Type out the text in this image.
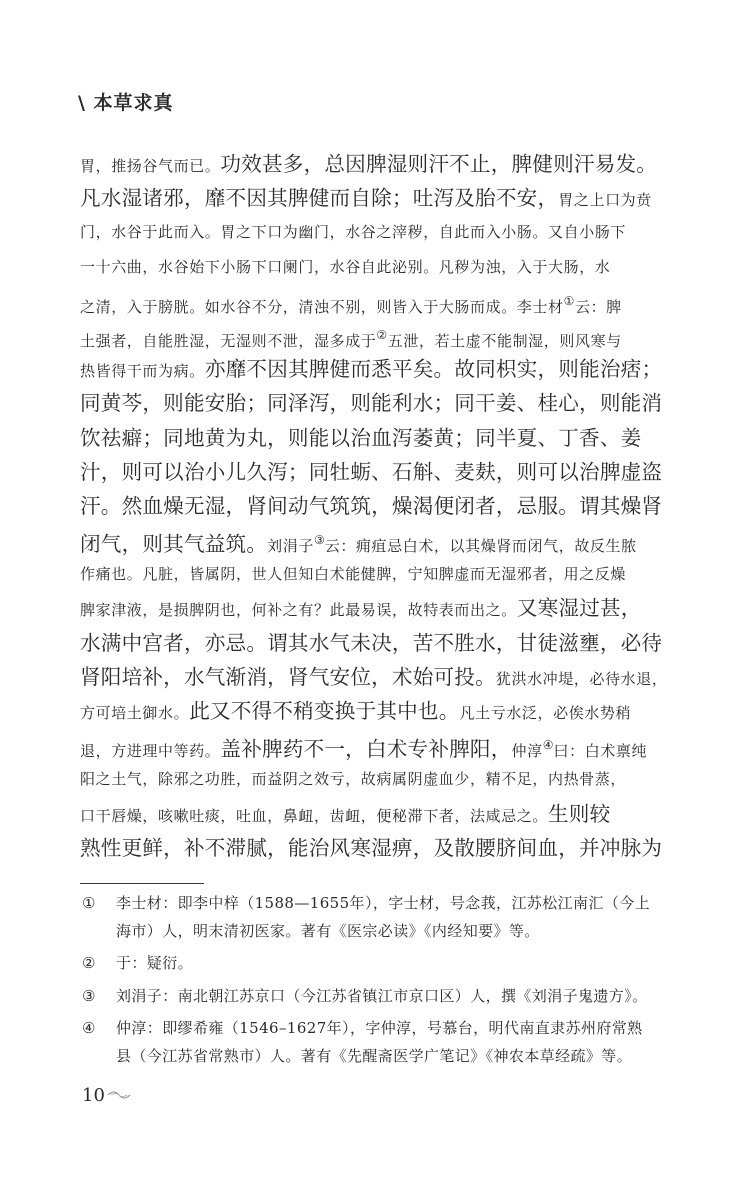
\ 本草求真
胃，推扬谷气而已。功效甚多，总因脾湿则汗不止，脾健则汗易发。
凡水湿诸邪，靡不因其脾健而自除；吐泻及胎不安，胃之上口为贲
门，水谷于此而入。胃之下口为幽门，水谷之滓秽，自此而入小肠。又自小肠下
一十六曲，水谷始下小肠下口阑门，水谷自此泌别。凡秽为浊，入于大肠，水
之清，入于膀胱。如水谷不分，清浊不别，则皆入于大肠而成。李士材①云：脾
土强者，自能胜湿，无湿则不泄，湿多成于②五泄，若土虚不能制湿，则风寒与
热皆得干而为病。亦靡不因其脾健而悉平矣。故同枳实，则能治痞；
同黄芩，则能安胎；同泽泻，则能利水；同干姜、桂心，则能消
饮祛癖；同地黄为丸，则能以治血泻萎黄；同半夏、丁香、姜
汁，则可以治小儿久泻；同牡蛎、石斛、麦麸，则可以治脾虚盗
汗。然血燥无湿，肾间动气筑筑，燥渴便闭者，忌服。谓其燥肾
闭气，则其气益筑。刘涓子③云：痈疽忌白术，以其燥肾而闭气，故反生脓
作痛也。凡脏，皆属阴，世人但知白术能健脾，宁知脾虚而无湿邪者，用之反燥
脾家津液，是损脾阴也，何补之有？此最易误，故特表而出之。又寒湿过甚，
水满中宫者，亦忌。谓其水气未决，苦不胜水，甘徒滋壅，必待
肾阳培补，水气渐消，肾气安位，术始可投。犹洪水冲堤，必待水退，
方可培土御水。此又不得不稍变换于其中也。凡土亏水泛，必俟水势稍
退，方进理中等药。盖补脾药不一，白术专补脾阳，仲淳④曰：白术禀纯
阳之土气，除邪之功胜，而益阴之效亏，故病属阴虚血少，精不足，内热骨蒸，
口干唇燥，咳嗽吐痰，吐血，鼻衄，齿衄，便秘滞下者，法咸忌之。生则较
熟性更鲜，补不滞腻，能治风寒湿痹，及散腰脐间血，并冲脉为
①	李士材：即李中梓（1588—1655年），字士材，号念莪，江苏松江南汇（今上
海市）人，明末清初医家。著有《医宗必读》《内经知要》等。
②	于：疑衍。
③	刘涓子：南北朝江苏京口（今江苏省镇江市京口区）人，撰《刘涓子鬼遗方》。
④	仲淳：即缪希雍（1546–1627年），字仲淳，号慕台，明代南直隶苏州府常熟
县（今江苏省常熟市）人。著有《先醒斋医学广笔记》《神农本草经疏》等。
10
